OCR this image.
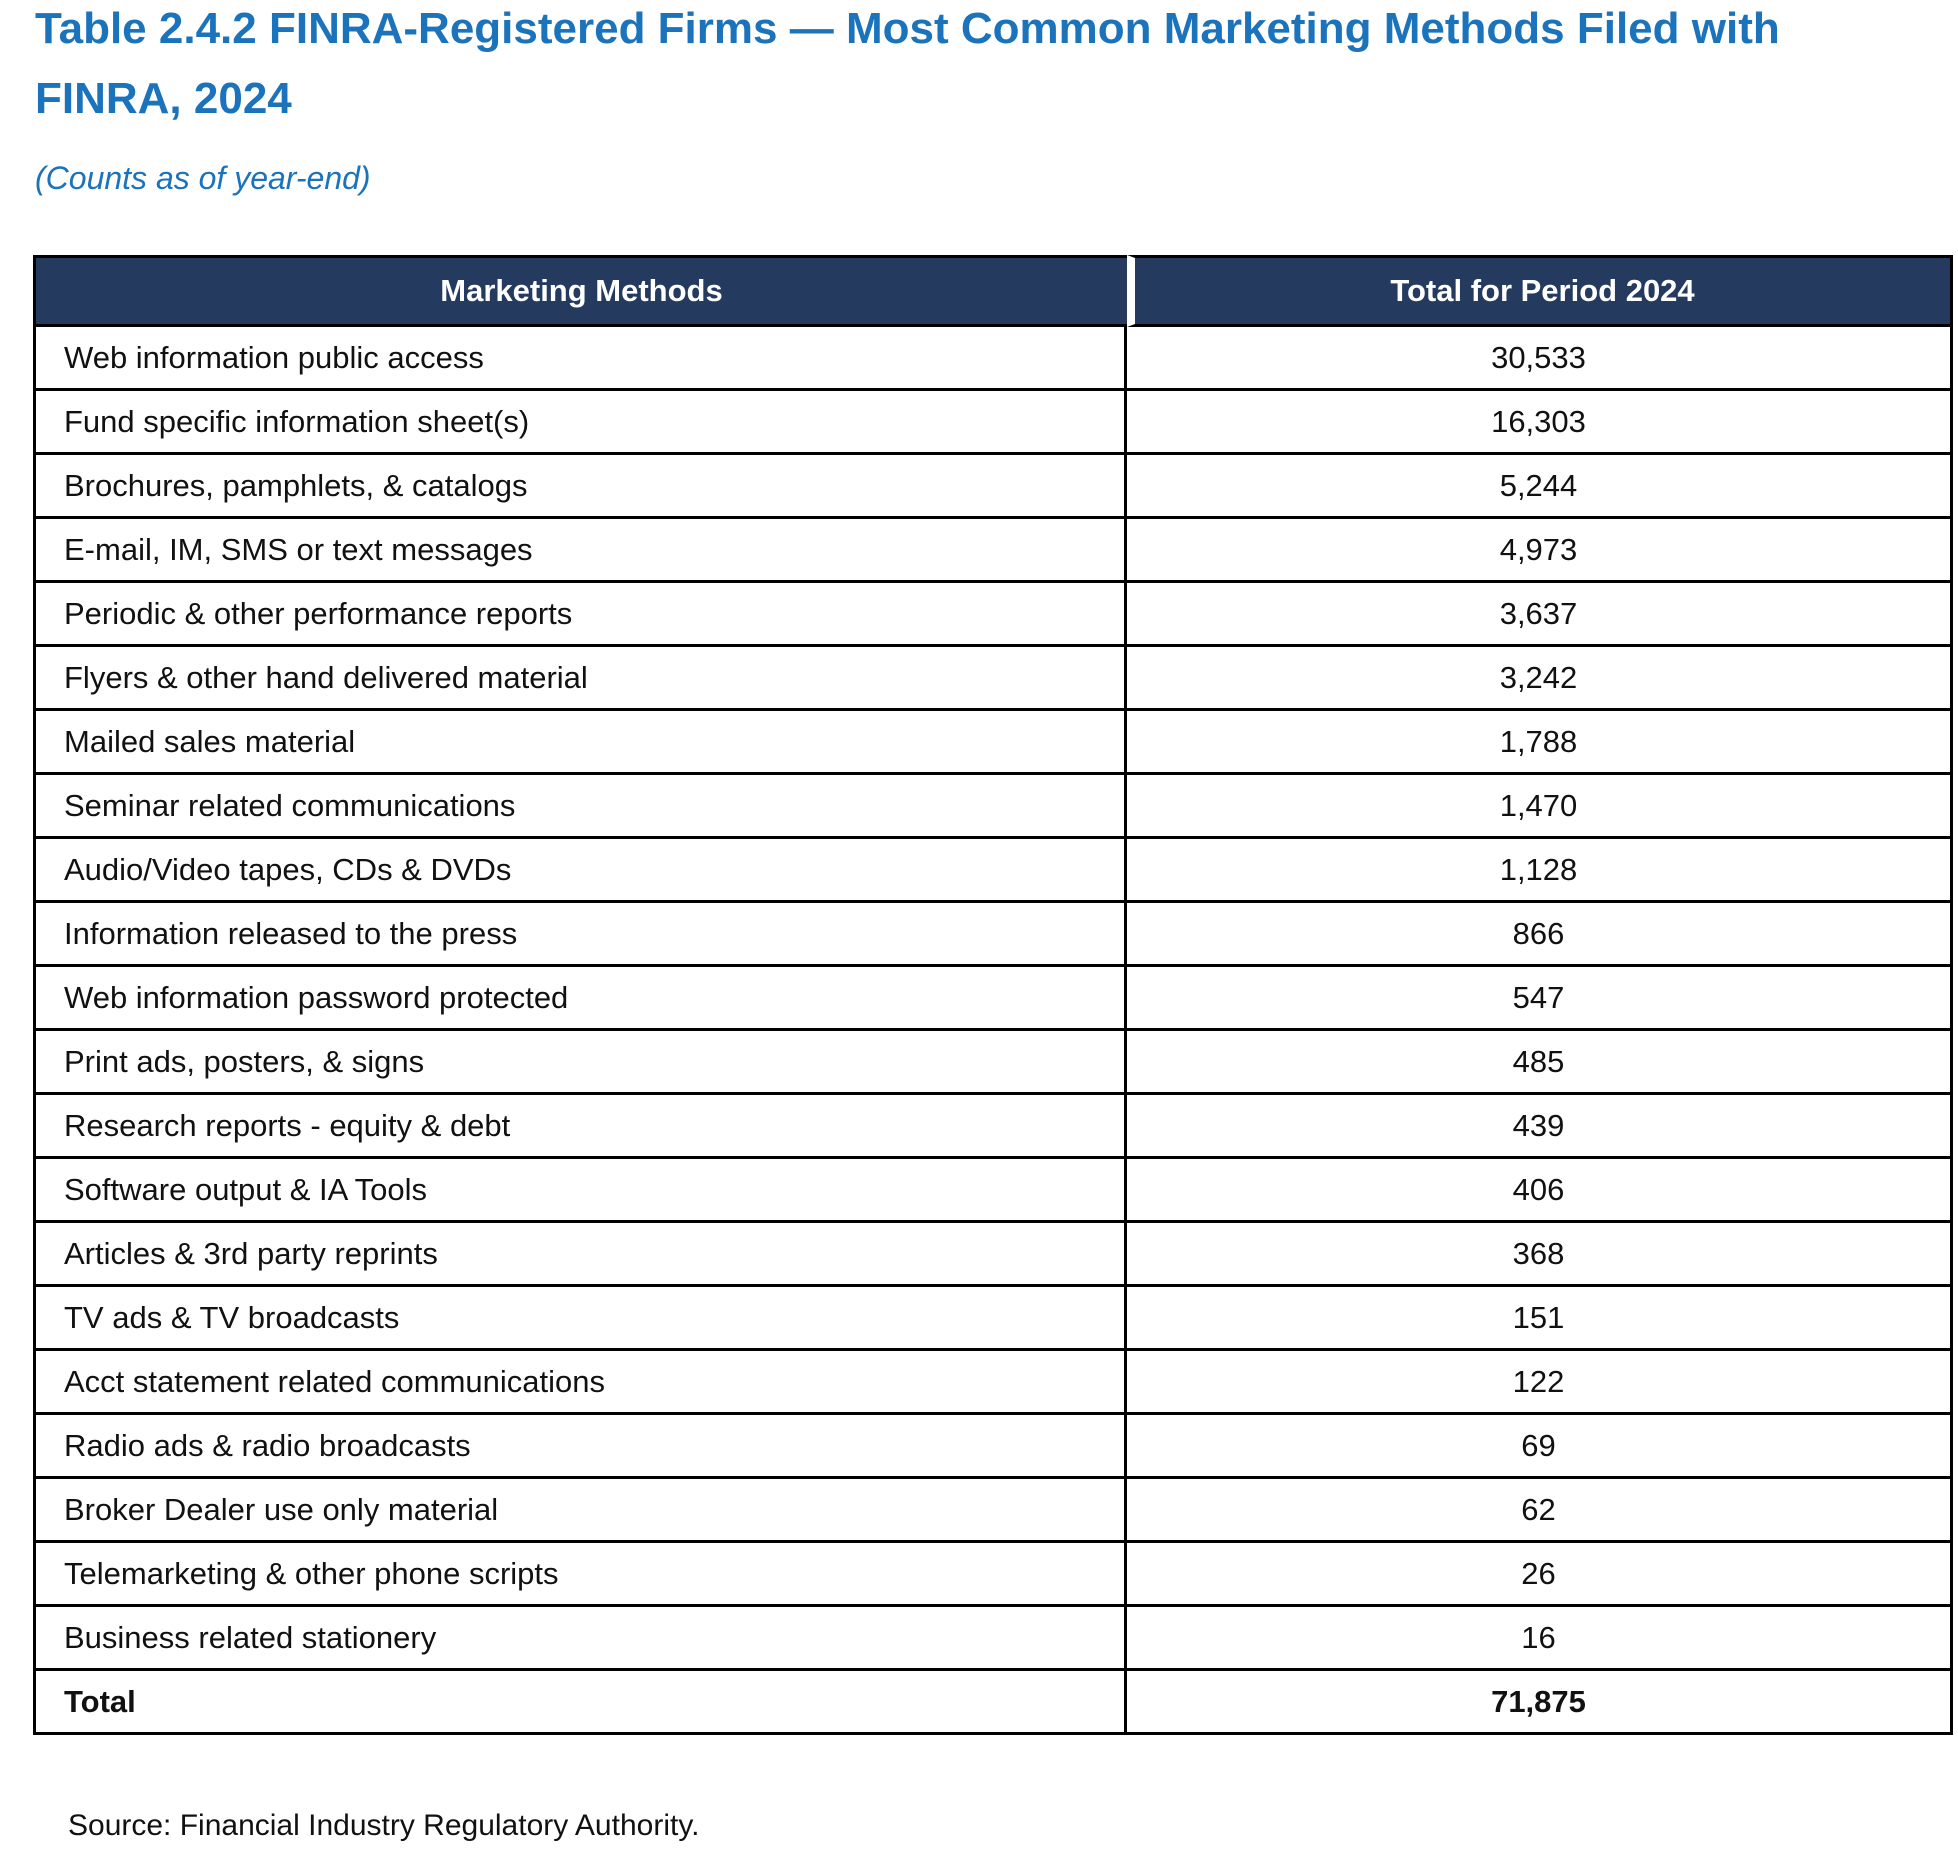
Table 2.4.2 FINRA-Registered Firms — Most Common Marketing Methods Filed with
FINRA, 2024
(Counts as of year-end)
Marketing Methods	Total for Period 2024
Web information public access	30,533
Fund specific information sheet(s)	16,303
Brochures, pamphlets, & catalogs	5,244
E-mail, IM, SMS or text messages	4,973
Periodic & other performance reports	3,637
Flyers & other hand delivered material	3,242
Mailed sales material	1,788
Seminar related communications	1,470
Audio/Video tapes, CDs & DVDs	1,128
Information released to the press	866
Web information password protected	547
Print ads, posters, & signs	485
Research reports - equity & debt	439
Software output & IA Tools	406
Articles & 3rd party reprints	368
TV ads & TV broadcasts	151
Acct statement related communications	122
Radio ads & radio broadcasts	69
Broker Dealer use only material	62
Telemarketing & other phone scripts	26
Business related stationery	16
Total	71,875
Source: Financial Industry Regulatory Authority.
